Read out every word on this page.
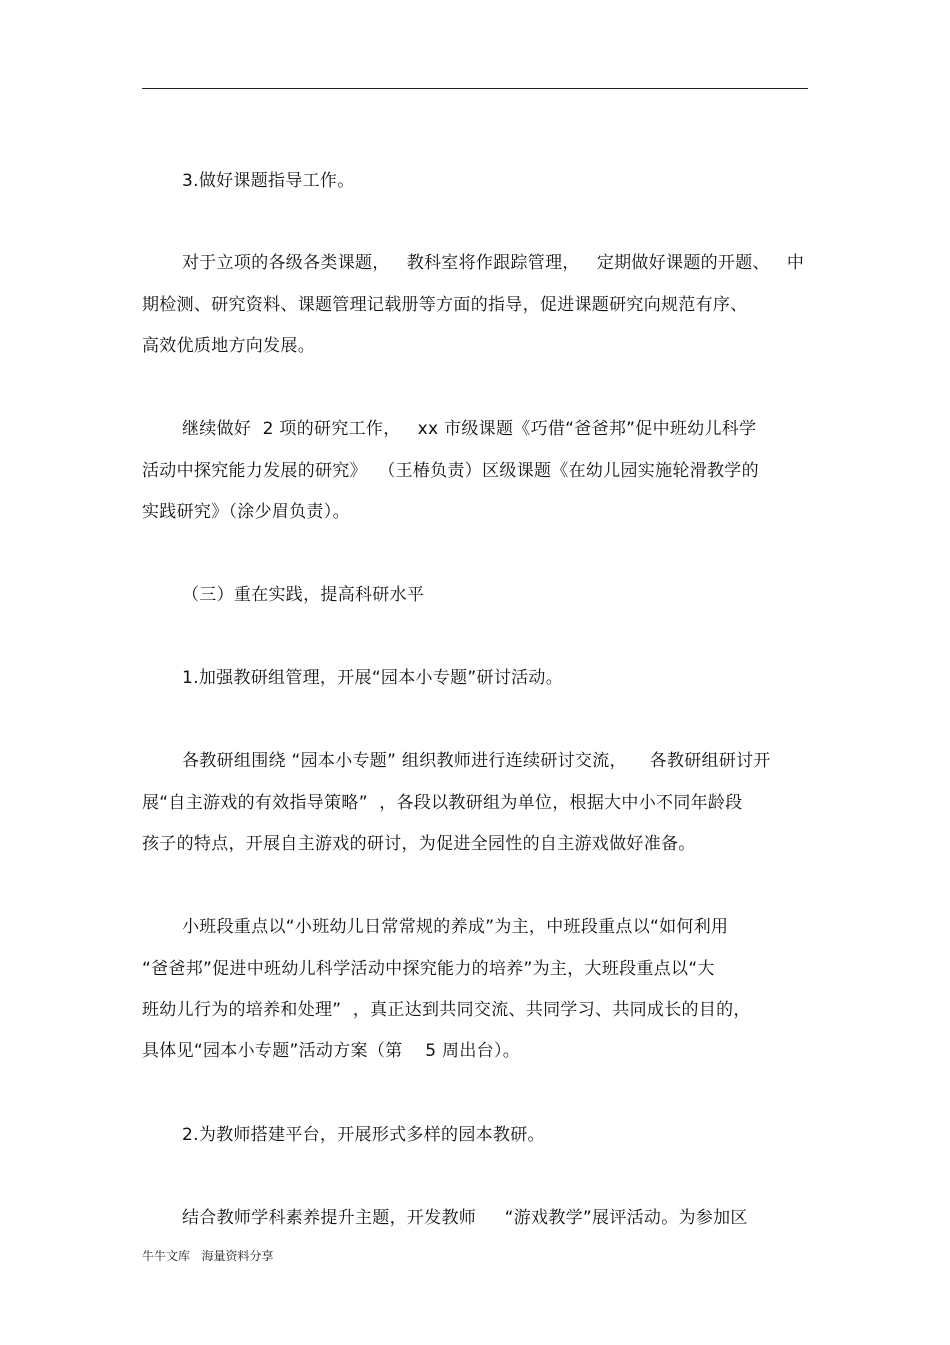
3.做好课题指导工作。
对于立项的各级各类课题，   教科室将作跟踪管理，   定期做好课题的开题、   中
期检测、研究资料、课题管理记载册等方面的指导，促进课题研究向规范有序、
高效优质地方向发展。
继续做好  2 项的研究工作，   xx 市级课题《巧借“爸爸邦”促中班幼儿科学
活动中探究能力发展的研究》  （王椿负责）区级课题《在幼儿园实施轮滑教学的
实践研究》（涂少眉负责）。
（三）重在实践，提高科研水平
1.加强教研组管理，开展“园本小专题”研讨活动。
各教研组围绕 “园本小专题” 组织教师进行连续研讨交流，    各教研组研讨开
展“自主游戏的有效指导策略”  ，各段以教研组为单位，根据大中小不同年龄段
孩子的特点，开展自主游戏的研讨，为促进全园性的自主游戏做好准备。
小班段重点以“小班幼儿日常常规的养成”为主，中班段重点以“如何利用
“爸爸邦”促进中班幼儿科学活动中探究能力的培养”为主，大班段重点以“大
班幼儿行为的培养和处理”  ，真正达到共同交流、共同学习、共同成长的目的，
具体见“园本小专题”活动方案（第    5 周出台）。
2.为教师搭建平台，开展形式多样的园本教研。
结合教师学科素养提升主题，开发教师     “游戏教学”展评活动。为参加区
牛牛文库   海量资料分享
